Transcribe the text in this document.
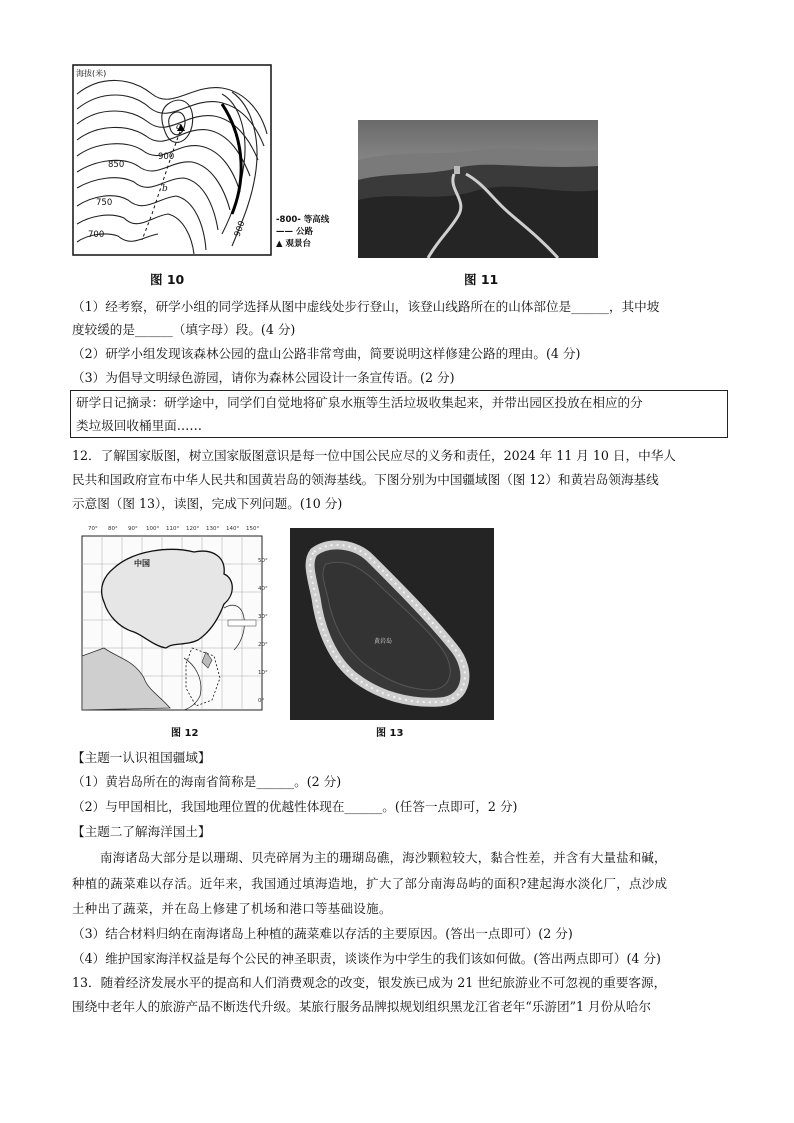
海拔(米)
850
900
750
700	900
a
b
-800- 等高线
—— 公路
▲ 观景台
图 10	图 11
（1）经考察，研学小组的同学选择从图中虚线处步行登山，该登山线路所在的山体部位是______，其中坡
度较缓的是______（填字母）段。(4 分)
（2）研学小组发现该森林公园的盘山公路非常弯曲，简要说明这样修建公路的理由。(4 分)
（3）为倡导文明绿色游园，请你为森林公园设计一条宣传语。(2 分)
研学日记摘录：研学途中，同学们自觉地将矿泉水瓶等生活垃圾收集起来，并带出园区投放在相应的分
类垃圾回收桶里面……
12．了解国家版图，树立国家版图意识是每一位中国公民应尽的义务和责任，2024 年 11 月 10 日，中华人
民共和国政府宣布中华人民共和国黄岩岛的领海基线。下图分别为中国疆域图（图 12）和黄岩岛领海基线
示意图（图 13），读图，完成下列问题。(10 分)
中国
70° 80° 90° 100° 110° 120° 130° 140° 150°
50°
40°
30°
20°
10°
0°
图 12
黄岩岛
图 13
【主题一认识祖国疆域】
（1）黄岩岛所在的海南省简称是______。(2 分)
（2）与甲国相比，我国地理位置的优越性体现在______。(任答一点即可，2 分)
【主题二了解海洋国土】
南海诸岛大部分是以珊瑚、贝壳碎屑为主的珊瑚岛礁，海沙颗粒较大，黏合性差，并含有大量盐和碱，
种植的蔬菜难以存活。近年来，我国通过填海造地，扩大了部分南海岛屿的面积?建起海水淡化厂，点沙成
土种出了蔬菜，并在岛上修建了机场和港口等基础设施。
（3）结合材料归纳在南海诸岛上种植的蔬菜难以存活的主要原因。(答出一点即可）(2 分)
（4）维护国家海洋权益是每个公民的神圣职责，谈谈作为中学生的我们该如何做。(答出两点即可）(4 分)
13．随着经济发展水平的提高和人们消费观念的改变，银发族已成为 21 世纪旅游业不可忽视的重要客源，
围绕中老年人的旅游产品不断迭代升级。某旅行服务品牌拟规划组织黑龙江省老年“乐游团”1 月份从哈尔
